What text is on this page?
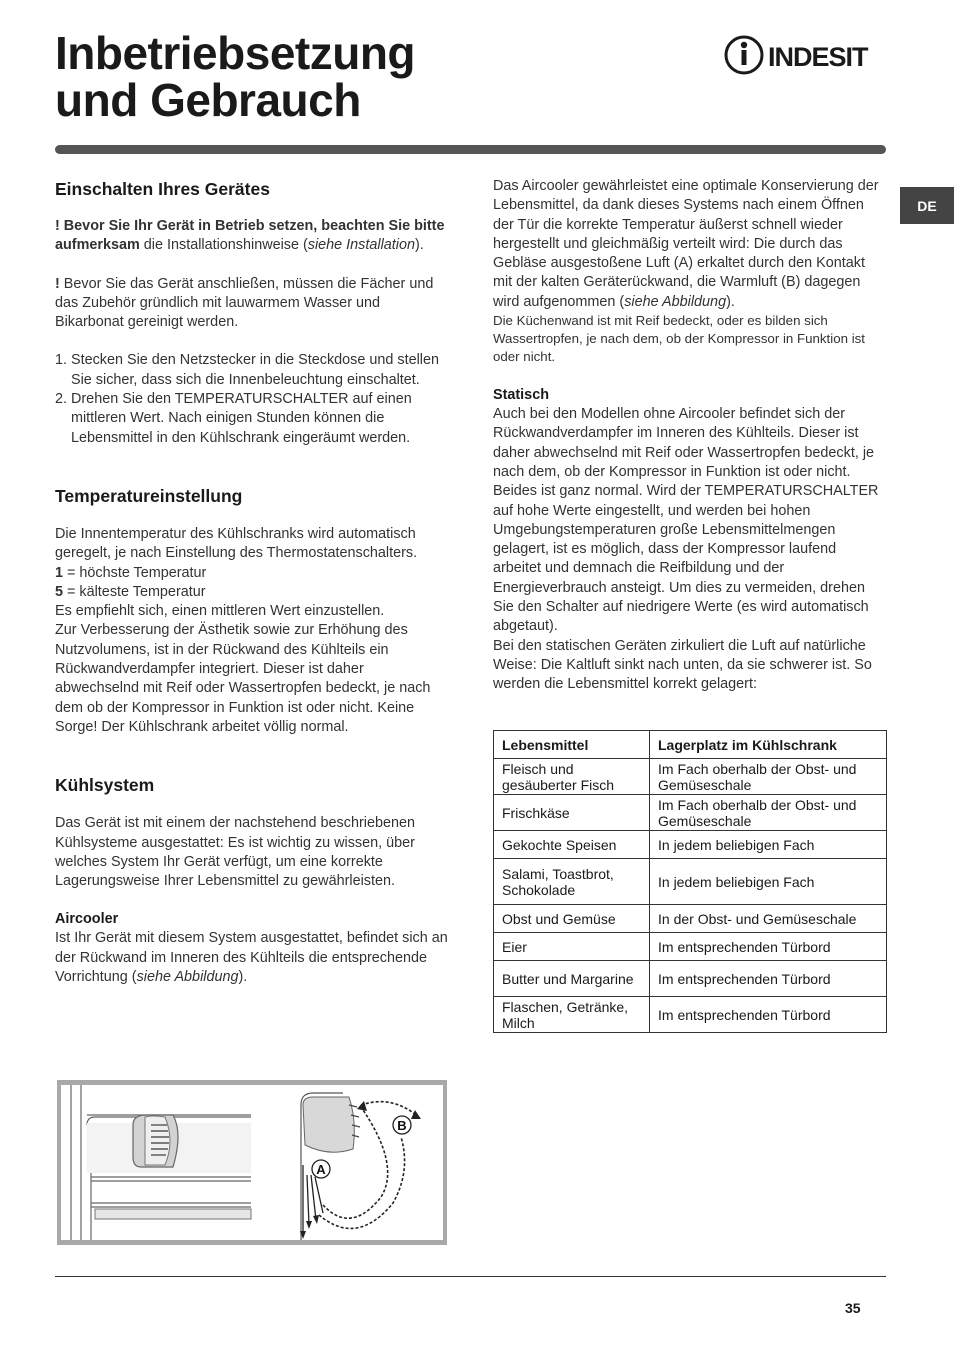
Inbetriebsetzung
und Gebrauch
INDESIT
DE
Einschalten Ihres Gerätes

! Bevor Sie Ihr Gerät in Betrieb setzen, beachten Sie bitte aufmerksam die Installationshinweise (siehe Installation).

! Bevor Sie das Gerät anschließen, müssen die Fächer und das Zubehör gründlich mit lauwarmem Wasser und Bikarbonat gereinigt werden.

1. Stecken Sie den Netzstecker in die Steckdose und stellen Sie sicher, dass sich die Innenbeleuchtung einschaltet.
2. Drehen Sie den TEMPERATURSCHALTER auf einen mittleren Wert. Nach einigen Stunden können die Lebensmittel in den Kühlschrank eingeräumt werden.
Temperatureinstellung

Die Innentemperatur des Kühlschranks wird automatisch geregelt, je nach Einstellung des Thermostatenschalters.

1 = höchste Temperatur

5 = kälteste Temperatur

Es empfiehlt sich, einen mittleren Wert einzustellen.

Zur Verbesserung der Ästhetik sowie zur Erhöhung des Nutzvolumens, ist in der Rückwand des Kühlteils ein Rückwandverdampfer integriert. Dieser ist daher abwechselnd mit Reif oder Wassertropfen bedeckt, je nach dem ob der Kompressor in Funktion ist oder nicht. Keine Sorge! Der Kühlschrank arbeitet völlig normal.

Kühlsystem

Das Gerät ist mit einem der nachstehend beschriebenen Kühlsysteme ausgestattet: Es ist wichtig zu wissen, über welches System Ihr Gerät verfügt, um eine korrekte Lagerungsweise Ihrer Lebensmittel zu gewährleisten.

Aircooler

Ist Ihr Gerät mit diesem System ausgestattet, befindet sich an der Rückwand im Inneren des Kühlteils die entsprechende Vorrichtung (siehe Abbildung).

Das Aircooler gewährleistet eine optimale Konservierung der Lebensmittel, da dank dieses Systems nach einem Öffnen der Tür die korrekte Temperatur äußerst schnell wieder hergestellt und gleichmäßig verteilt wird: Die durch das Gebläse ausgestoßene Luft (A) erkaltet durch den Kontakt mit der kalten Geräterückwand, die Warmluft (B) dagegen wird aufgenommen (siehe Abbildung).

Die Küchenwand ist mit Reif bedeckt, oder es bilden sich Wassertropfen, je nach dem, ob der Kompressor in Funktion ist oder nicht.

Statisch

Auch bei den Modellen ohne Aircooler befindet sich der Rückwandverdampfer im Inneren des Kühlteils. Dieser ist daher abwechselnd mit Reif oder Wassertropfen bedeckt, je nach dem, ob der Kompressor in Funktion ist oder nicht. Beides ist ganz normal. Wird der TEMPERATURSCHALTER auf hohe Werte eingestellt, und werden bei hohen Umgebungstemperaturen große Lebensmittelmengen gelagert, ist es möglich, dass der Kompressor laufend arbeitet und demnach die Reifbildung und der Energieverbrauch ansteigt. Um dies zu vermeiden, drehen Sie den Schalter auf niedrigere Werte (es wird automatisch abgetaut).

Bei den statischen Geräten zirkuliert die Luft auf natürliche Weise: Die Kaltluft sinkt nach unten, da sie schwerer ist. So werden die Lebensmittel korrekt gelagert:

Lebensmittel	Lagerplatz im Kühlschrank
Fleisch und gesäuberter Fisch	Im Fach oberhalb der Obst- und Gemüseschale
Frischkäse	Im Fach oberhalb der Obst- und Gemüseschale
Gekochte Speisen	In jedem beliebigen Fach
Salami, Toastbrot, Schokolade	In jedem beliebigen Fach
Obst und Gemüse	In der Obst- und Gemüseschale
Eier	Im entsprechenden Türbord
Butter und Margarine	Im entsprechenden Türbord
Flaschen, Getränke, Milch	Im entsprechenden Türbord
A
B
35
